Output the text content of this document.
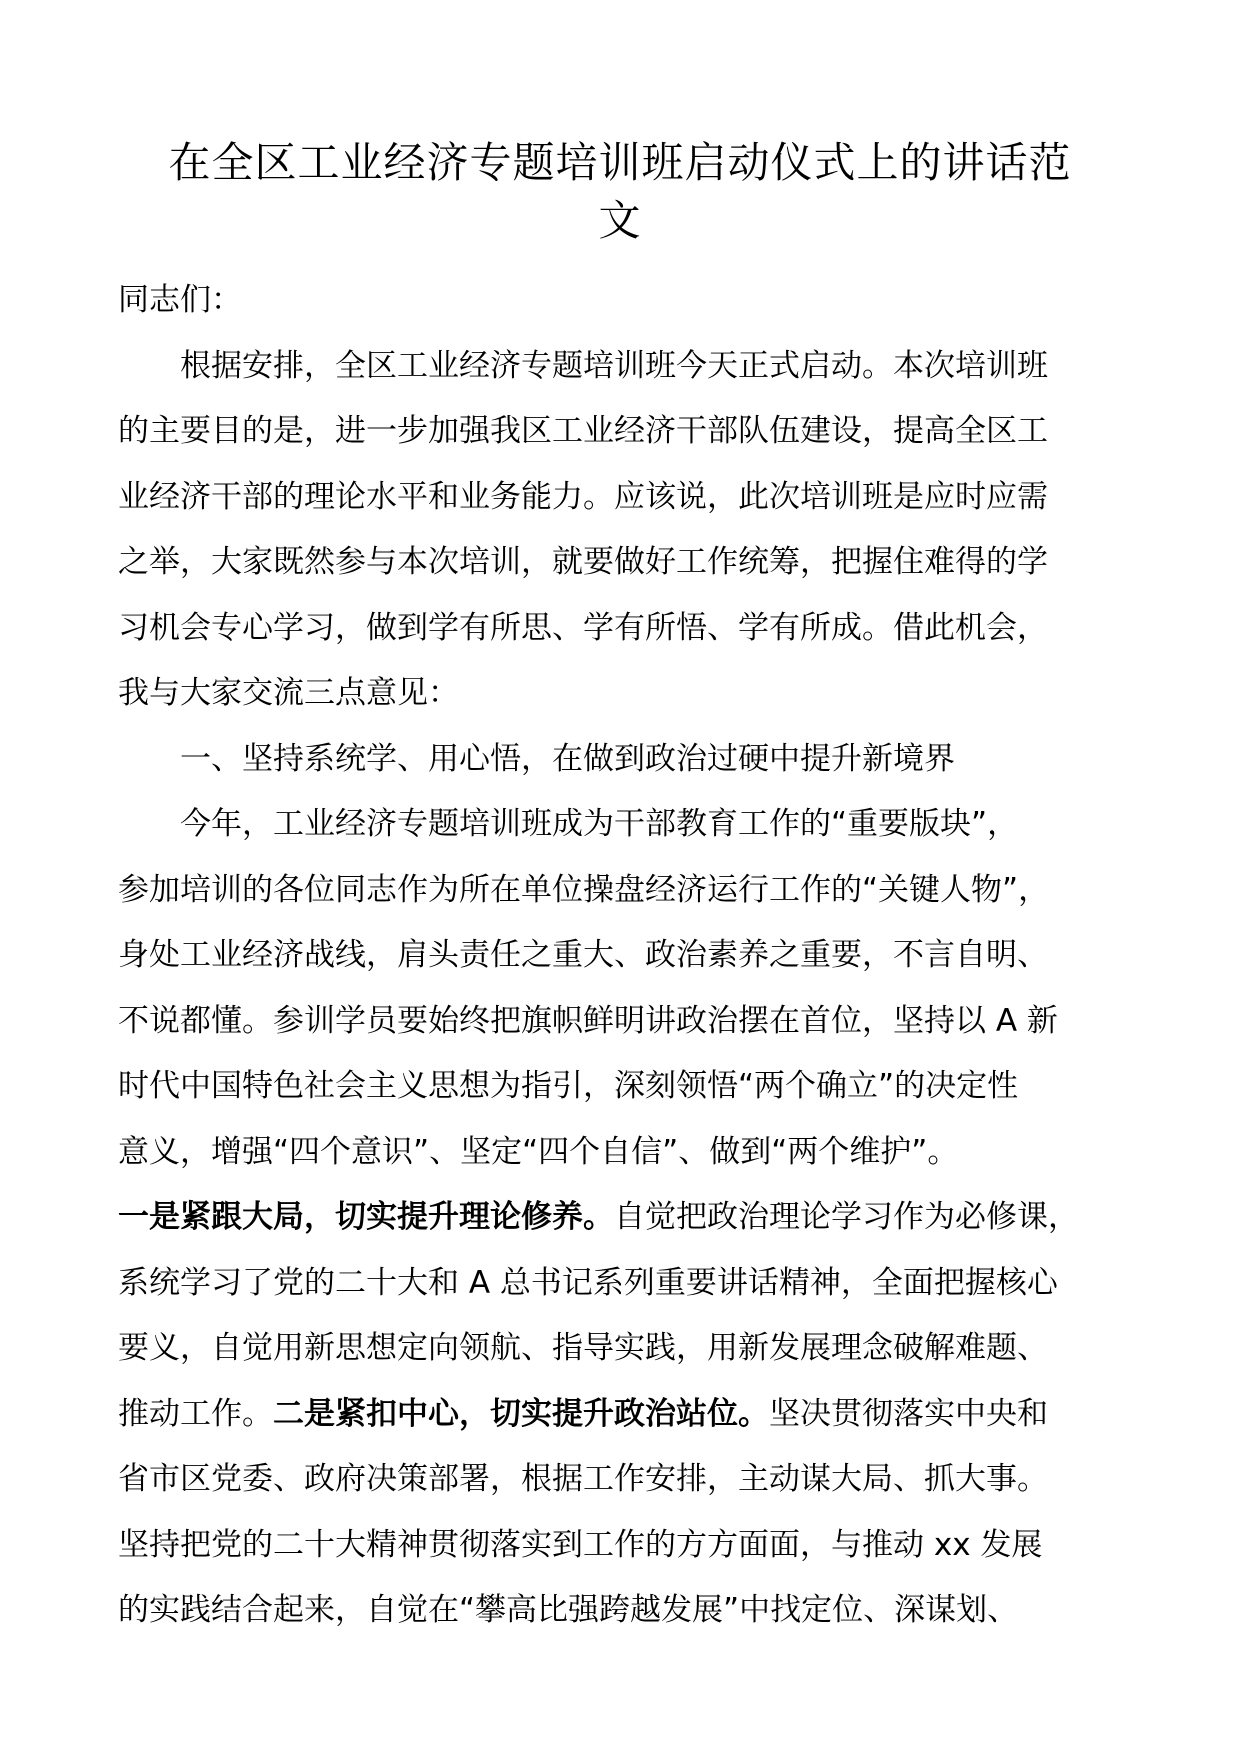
在全区工业经济专题培训班启动仪式上的讲话范
文

同志们：

根据安排，全区工业经济专题培训班今天正式启动。本次培训班
的主要目的是，进一步加强我区工业经济干部队伍建设，提高全区工
业经济干部的理论水平和业务能力。应该说，此次培训班是应时应需
之举，大家既然参与本次培训，就要做好工作统筹，把握住难得的学
习机会专心学习，做到学有所思、学有所悟、学有所成。借此机会，
我与大家交流三点意见：

一、坚持系统学、用心悟，在做到政治过硬中提升新境界

今年，工业经济专题培训班成为干部教育工作的“重要版块”，
参加培训的各位同志作为所在单位操盘经济运行工作的“关键人物”，
身处工业经济战线，肩头责任之重大、政治素养之重要，不言自明、
不说都懂。参训学员要始终把旗帜鲜明讲政治摆在首位，坚持以 A 新
时代中国特色社会主义思想为指引，深刻领悟“两个确立”的决定性
意义，增强“四个意识”、坚定“四个自信”、做到“两个维护”。
一是紧跟大局，切实提升理论修养。自觉把政治理论学习作为必修课，
系统学习了党的二十大和 A 总书记系列重要讲话精神，全面把握核心
要义，自觉用新思想定向领航、指导实践，用新发展理念破解难题、
推动工作。二是紧扣中心，切实提升政治站位。坚决贯彻落实中央和
省市区党委、政府决策部署，根据工作安排，主动谋大局、抓大事。
坚持把党的二十大精神贯彻落实到工作的方方面面，与推动 xx 发展
的实践结合起来，自觉在“攀高比强跨越发展”中找定位、深谋划、
